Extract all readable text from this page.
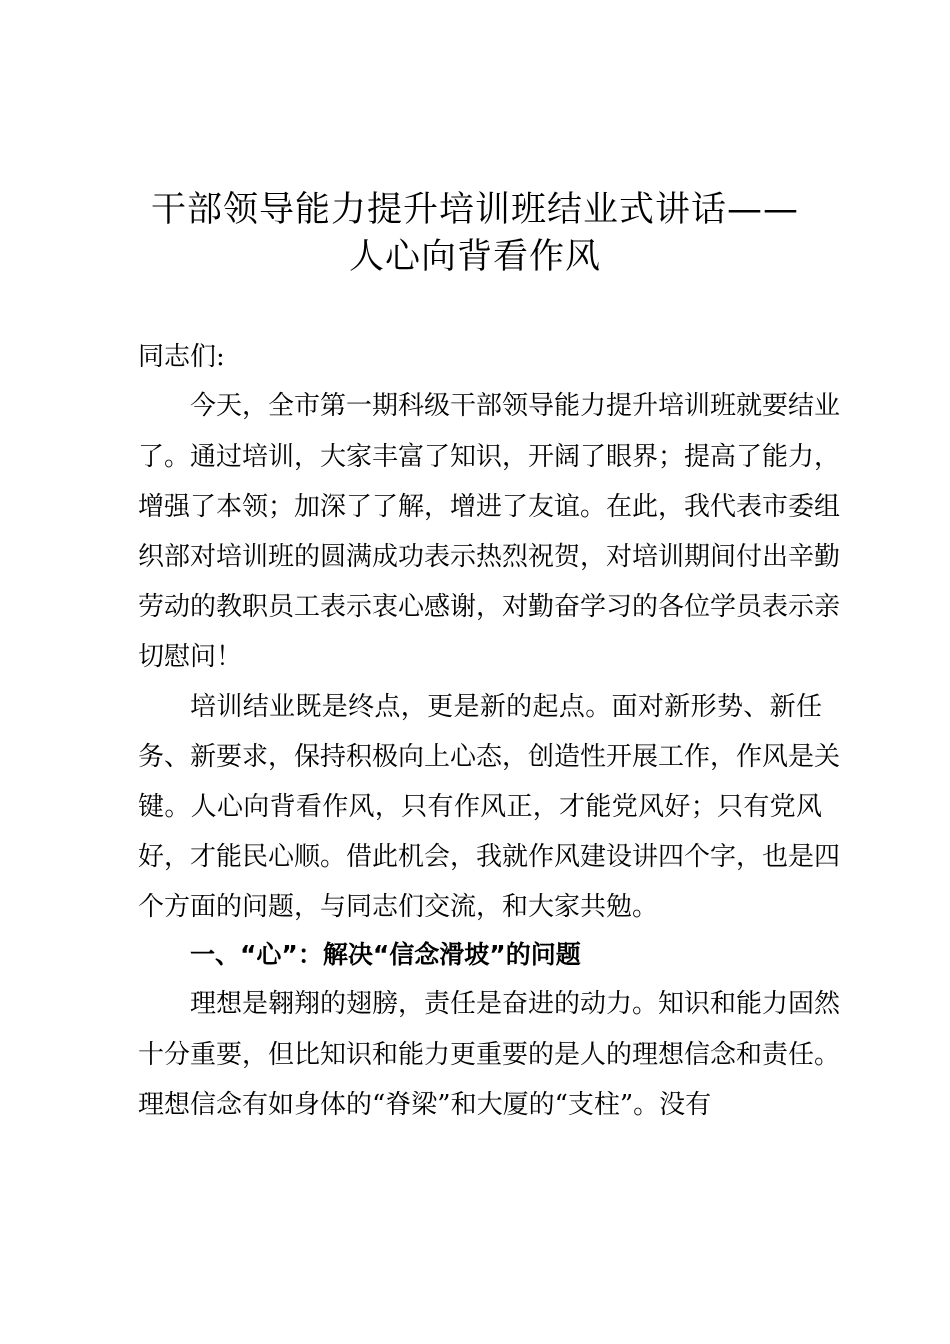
干部领导能力提升培训班结业式讲话——
人心向背看作风

同志们:

今天，全市第一期科级干部领导能力提升培训班就要结业

了。通过培训，大家丰富了知识，开阔了眼界；提高了能力，

增强了本领；加深了了解，增进了友谊。在此，我代表市委组

织部对培训班的圆满成功表示热烈祝贺，对培训期间付出辛勤

劳动的教职员工表示衷心感谢，对勤奋学习的各位学员表示亲

切慰问！

培训结业既是终点，更是新的起点。面对新形势、新任

务、新要求，保持积极向上心态，创造性开展工作，作风是关

键。人心向背看作风，只有作风正，才能党风好；只有党风

好，才能民心顺。借此机会，我就作风建设讲四个字，也是四

个方面的问题，与同志们交流，和大家共勉。

一、“心”：解决“信念滑坡”的问题

理想是翱翔的翅膀，责任是奋进的动力。知识和能力固然

十分重要，但比知识和能力更重要的是人的理想信念和责任。

理想信念有如身体的“脊梁”和大厦的“支柱”。没有
